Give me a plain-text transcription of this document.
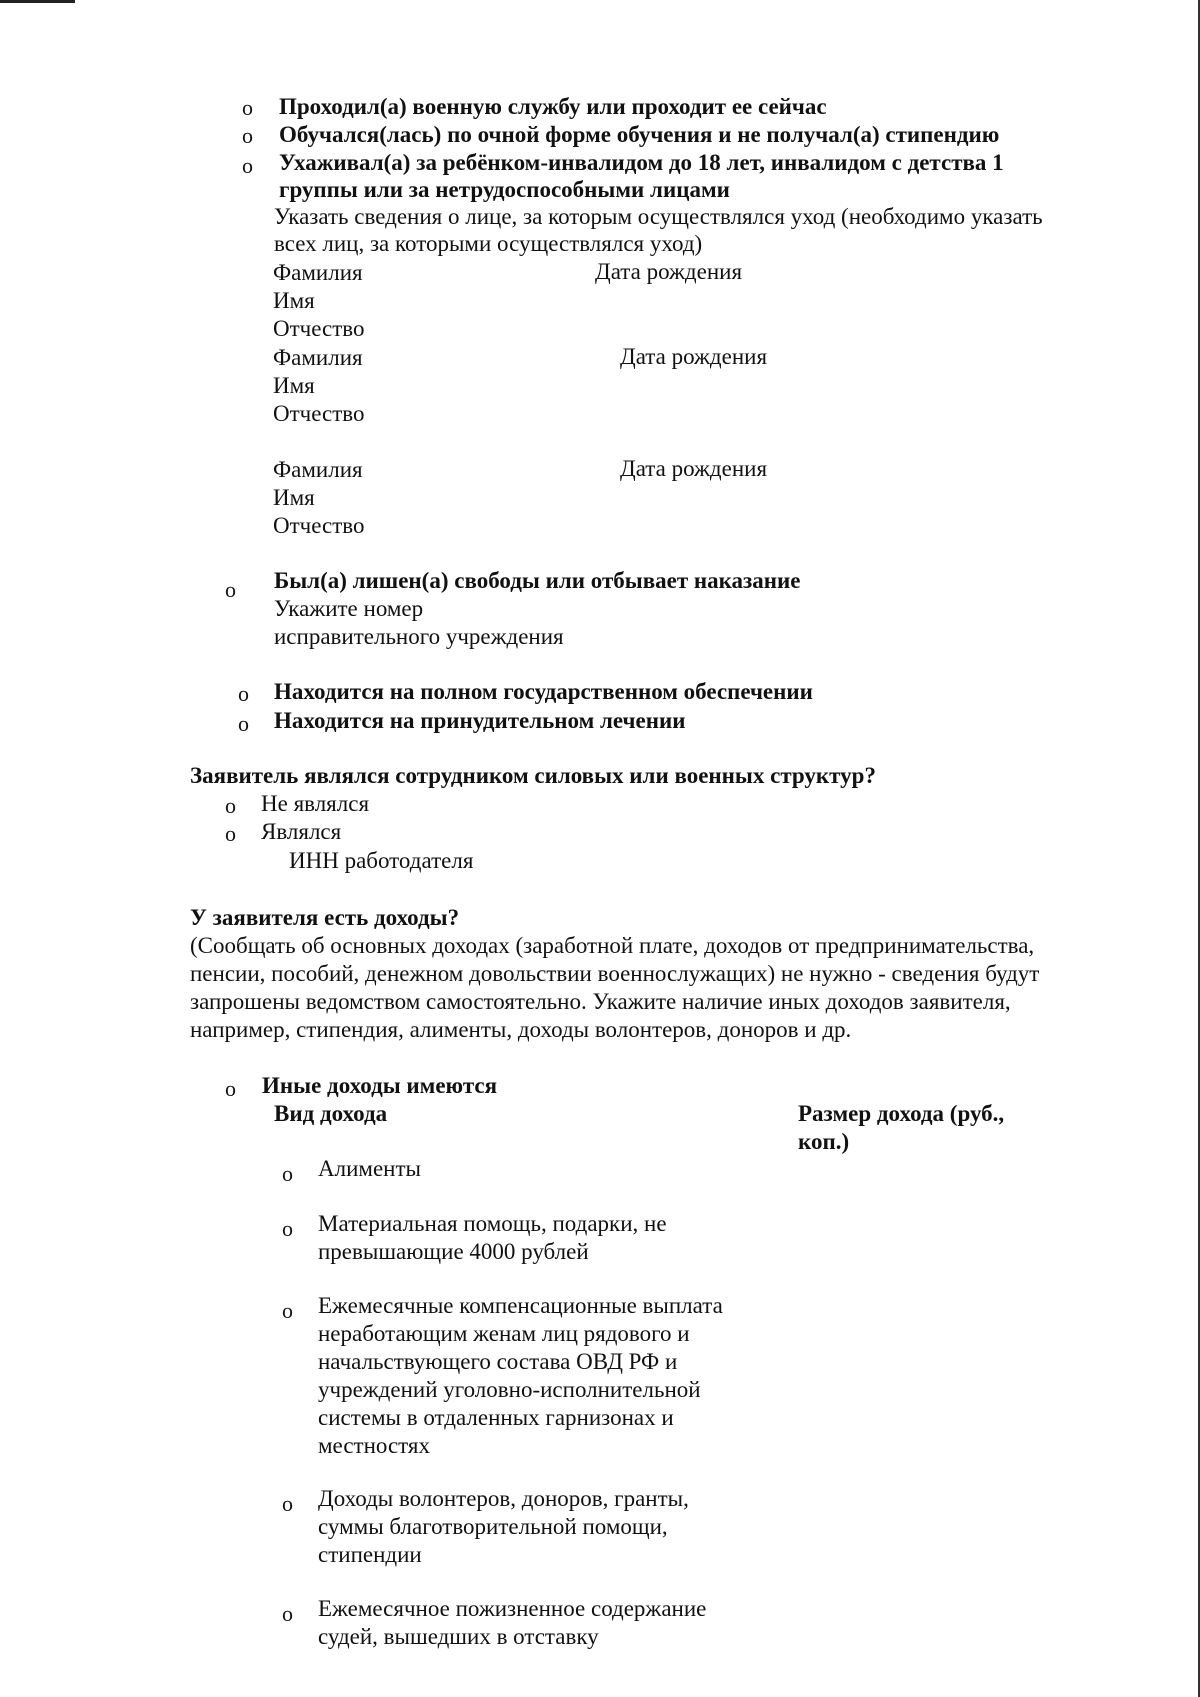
o Проходил(а) военную службу или проходит ее сейчас
o Обучался(лась) по очной форме обучения и не получал(а) стипендию
o Ухаживал(а) за ребёнком-инвалидом до 18 лет, инвалидом с детства 1
группы или за нетрудоспособными лицами
Указать сведения о лице, за которым осуществлялся уход (необходимо указать
всех лиц, за которыми осуществлялся уход)
Фамилия	Дата рождения
Имя
Отчество
Фамилия	Дата рождения
Имя
Отчество
Фамилия	Дата рождения
Имя
Отчество
o Был(а) лишен(а) свободы или отбывает наказание
Укажите номер
исправительного учреждения
o Находится на полном государственном обеспечении
o Находится на принудительном лечении
Заявитель являлся сотрудником силовых или военных структур?
o Не являлся
o Являлся
ИНН работодателя
У заявителя есть доходы?
(Сообщать об основных доходах (заработной плате, доходов от предпринимательства,
пенсии, пособий, денежном довольствии военнослужащих) не нужно - сведения будут
запрошены ведомством самостоятельно. Укажите наличие иных доходов заявителя,
например, стипендия, алименты, доходы волонтеров, доноров и др.
o Иные доходы имеются
Вид дохода	Размер дохода (руб.,
коп.)
o Алименты
o Материальная помощь, подарки, не
превышающие 4000 рублей
o Ежемесячные компенсационные выплата
неработающим женам лиц рядового и
начальствующего состава ОВД РФ и
учреждений уголовно-исполнительной
системы в отдаленных гарнизонах и
местностях
o Доходы волонтеров, доноров, гранты,
суммы благотворительной помощи,
стипендии
o Ежемесячное пожизненное содержание
судей, вышедших в отставку
